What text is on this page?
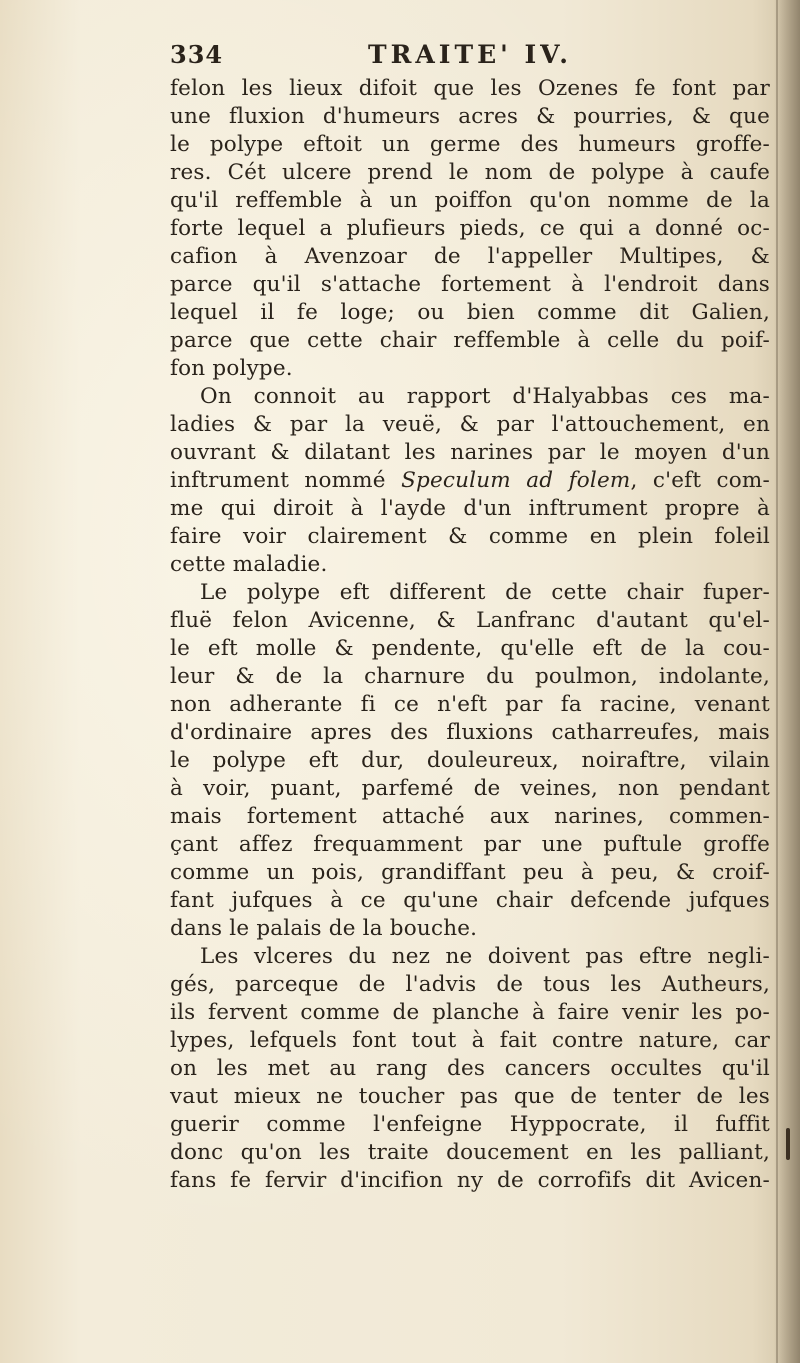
334	TRAITE' IV.
felon les lieux difoit que les Ozenes fe font par
une fluxion d'humeurs acres & pourries, & que
le polype eftoit un germe des humeurs groffe-
res. Cét ulcere prend le nom de polype à caufe
qu'il reffemble à un poiffon qu'on nomme de la
forte lequel a plufieurs pieds, ce qui a donné oc-
cafion à Avenzoar de l'appeller Multipes, &
parce qu'il s'attache fortement à l'endroit dans
lequel il fe loge; ou bien comme dit Galien,
parce que cette chair reffemble à celle du poif-
fon polype.
On connoit au rapport d'Halyabbas ces ma-
ladies & par la veuë, & par l'attouchement, en
ouvrant & dilatant les narines par le moyen d'un
inftrument nommé Speculum ad folem, c'eft com-
me qui diroit à l'ayde d'un inftrument propre à
faire voir clairement & comme en plein foleil
cette maladie.
Le polype eft different de cette chair fuper-
fluë felon Avicenne, & Lanfranc d'autant qu'el-
le eft molle & pendente, qu'elle eft de la cou-
leur & de la charnure du poulmon, indolante,
non adherante fi ce n'eft par fa racine, venant
d'ordinaire apres des fluxions catharreufes, mais
le polype eft dur, douleureux, noiraftre, vilain
à voir, puant, parfemé de veines, non pendant
mais fortement attaché aux narines, commen-
çant affez frequamment par une puftule groffe
comme un pois, grandiffant peu à peu, & croif-
fant jufques à ce qu'une chair defcende jufques
dans le palais de la bouche.
Les vlceres du nez ne doivent pas eftre negli-
gés, parceque de l'advis de tous les Autheurs,
ils fervent comme de planche à faire venir les po-
lypes, lefquels font tout à fait contre nature, car
on les met au rang des cancers occultes qu'il
vaut mieux ne toucher pas que de tenter de les
guerir comme l'enfeigne Hyppocrate, il fuffit
donc qu'on les traite doucement en les palliant,
fans fe fervir d'incifion ny de corrofifs dit Avicen-
